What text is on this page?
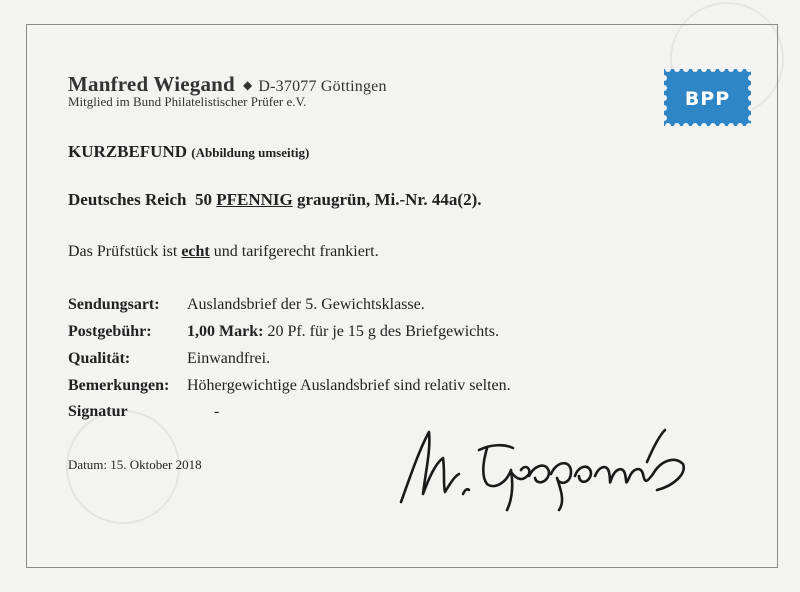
Manfred Wiegand ◆ D-37077 Göttingen
Mitglied im Bund Philatelistischer Prüfer e.V.	BPP
KURZBEFUND (Abbildung umseitig)
Deutsches Reich 50 PFENNIG graugrün, Mi.-Nr. 44a(2).
Das Prüfstück ist echt und tarifgerecht frankiert.
Sendungsart: Auslandsbrief der 5. Gewichtsklasse.
Postgebühr: 1,00 Mark: 20 Pf. für je 15 g des Briefgewichts.
Qualität:	Einwandfrei.
Bemerkungen: Höhergewichtige Auslandsbrief sind relativ selten.
Signatur	-
Datum: 15. Oktober 2018
